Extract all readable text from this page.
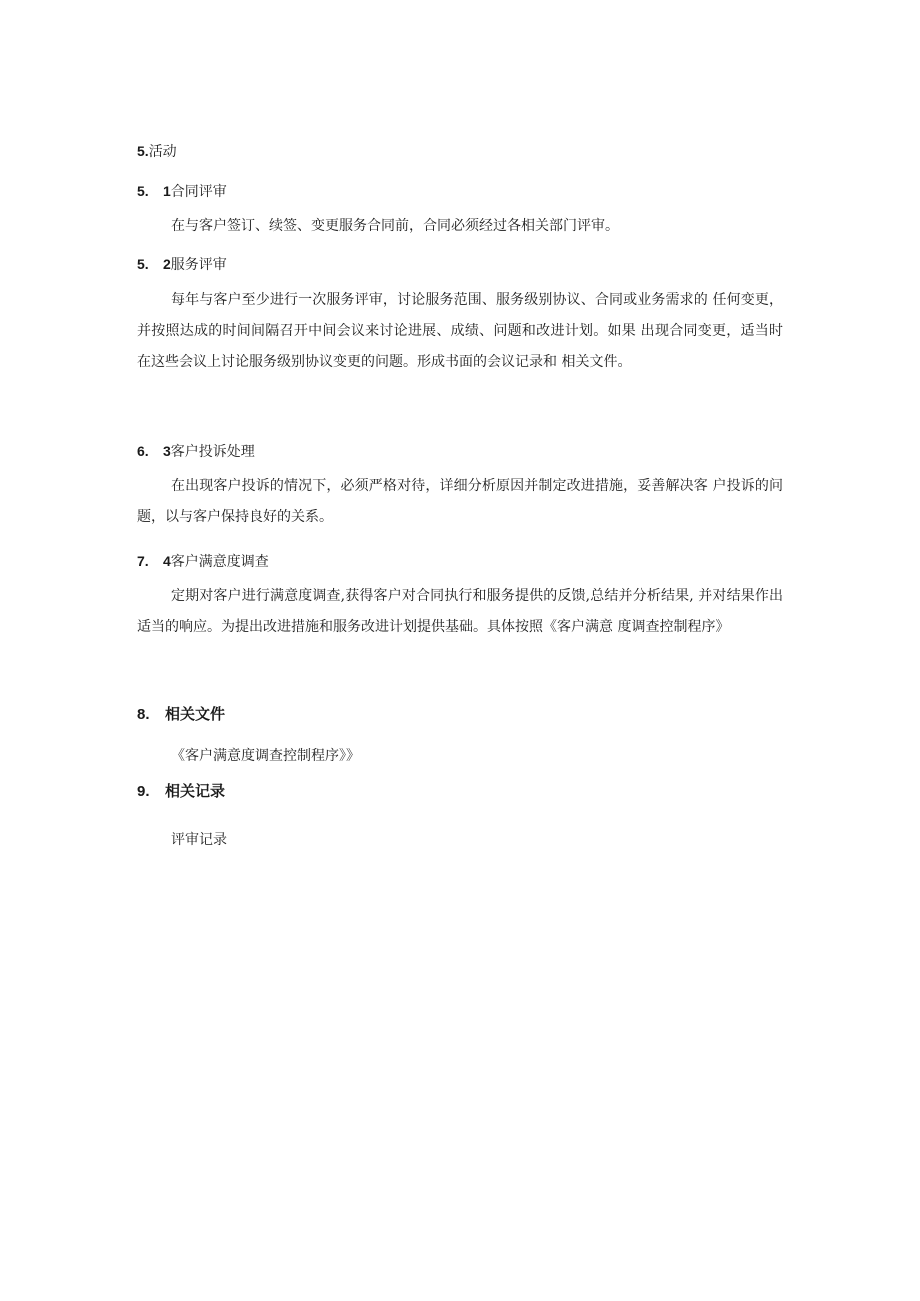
5.活动
5. 1合同评审
在与客户签订、续签、变更服务合同前，合同必须经过各相关部门评审。
5. 2服务评审
每年与客户至少进行一次服务评审，讨论服务范围、服务级别协议、合同或业务需求的 任何变更，并按照达成的时间间隔召开中间会议来讨论进展、成绩、问题和改进计划。如果 出现合同变更，适当时在这些会议上讨论服务级别协议变更的问题。形成书面的会议记录和 相关文件。
6. 3客户投诉处理
在出现客户投诉的情况下，必须严格对待，详细分析原因并制定改进措施，妥善解决客 户投诉的问题，以与客户保持良好的关系。
7. 4客户满意度调查
定期对客户进行满意度调查,获得客户对合同执行和服务提供的反馈,总结并分析结果, 并对结果作出适当的响应。为提出改进措施和服务改进计划提供基础。具体按照《客户满意 度调查控制程序》
8. 相关文件
《客户满意度调查控制程序》》
9. 相关记录
评审记录
